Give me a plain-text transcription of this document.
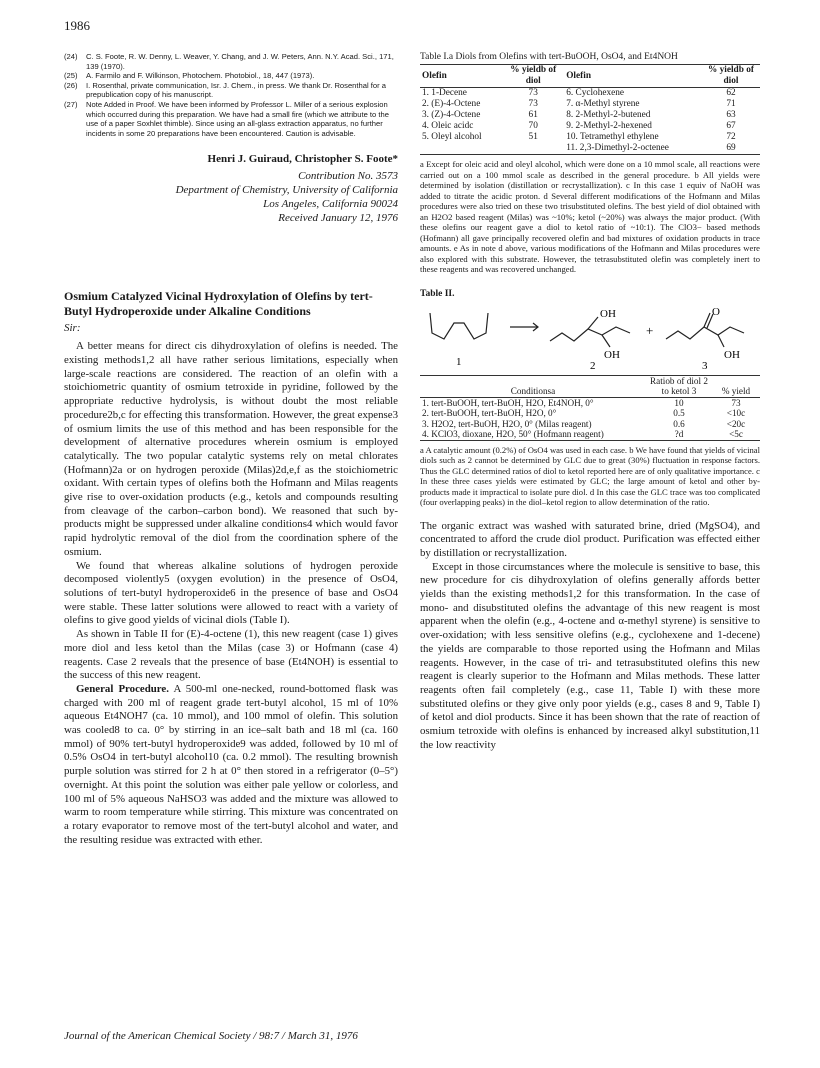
1986
(24)	C. S. Foote, R. W. Denny, L. Weaver, Y. Chang, and J. W. Peters, Ann. N.Y. Acad. Sci., 171, 139 (1970).
(25)	A. Farmilo and F. Wilkinson, Photochem. Photobiol., 18, 447 (1973).
(26)	I. Rosenthal, private communication, Isr. J. Chem., in press. We thank Dr. Rosenthal for a prepublication copy of his manuscript.
(27)	Note Added in Proof. We have been informed by Professor L. Miller of a serious explosion which occurred during this preparation. We have had a small fire (which we attribute to the use of a paper Soxhlet thimble). Since using an all-glass extraction apparatus, no further incidents in some 20 preparations have been encountered. Caution is advisable.
Henri J. Guiraud, Christopher S. Foote*
Contribution No. 3573
Department of Chemistry, University of California
Los Angeles, California 90024
Received January 12, 1976
Osmium Catalyzed Vicinal Hydroxylation of Olefins by tert-Butyl Hydroperoxide under Alkaline Conditions
Sir:

A better means for direct cis dihydroxylation of olefins is needed. The existing methods1,2 all have rather serious limitations, especially when large-scale reactions are considered. The reaction of an olefin with a stoichiometric quantity of osmium tetroxide in pyridine, followed by the appropriate reductive hydrolysis, is without doubt the most reliable procedure2b,c for effecting this transformation. However, the great expense3 of osmium limits the use of this method and has been responsible for the development of alternative procedures wherein osmium is employed catalytically. The two popular catalytic systems rely on metal chlorates (Hofmann)2a or on hydrogen peroxide (Milas)2d,e,f as the stoichiometric oxidant. With certain types of olefins both the Hofmann and Milas reagents give rise to over-oxidation products (e.g., ketols and compounds resulting from cleavage of the carbon–carbon bond). We reasoned that such by-products might be suppressed under alkaline conditions4 which would favor rapid hydrolytic removal of the diol from the coordination sphere of the osmium.

We found that whereas alkaline solutions of hydrogen peroxide decomposed violently5 (oxygen evolution) in the presence of OsO4, solutions of tert-butyl hydroperoxide6 in the presence of base and OsO4 were stable. These latter solutions were allowed to react with a variety of olefins to give good yields of vicinal diols (Table I).

As shown in Table II for (E)-4-octene (1), this new reagent (case 1) gives more diol and less ketol than the Milas (case 3) or Hofmann (case 4) reagents. Case 2 reveals that the presence of base (Et4NOH) is essential to the success of this new reagent.

General Procedure. A 500-ml one-necked, round-bottomed flask was charged with 200 ml of reagent grade tert-butyl alcohol, 15 ml of 10% aqueous Et4NOH7 (ca. 10 mmol), and 100 mmol of olefin. This solution was cooled8 to ca. 0° by stirring in an ice–salt bath and 18 ml (ca. 160 mmol) of 90% tert-butyl hydroperoxide9 was added, followed by 10 ml of 0.5% OsO4 in tert-butyl alcohol10 (ca. 0.2 mmol). The resulting brownish purple solution was stirred for 2 h at 0° then stored in a refrigerator (0–5°) overnight. At this point the solution was either pale yellow or colorless, and 100 ml of 5% aqueous NaHSO3 was added and the mixture was allowed to warm to room temperature while stirring. This mixture was concentrated on a rotary evaporator to remove most of the tert-butyl alcohol and water, and the resulting residue was extracted with ether.

Table I.a Diols from Olefins with tert-BuOOH, OsO4, and Et4NOH
Olefin	% yieldb of diol	Olefin	% yieldb of diol
1. 1-Decene	73	6. Cyclohexene	62
2. (E)-4-Octene	73	7. α-Methyl styrene	71
3. (Z)-4-Octene	61	8. 2-Methyl-2-butened	63
4. Oleic acidc	70	9. 2-Methyl-2-hexened	67
5. Oleyl alcohol	51	10. Tetramethyl ethylene	72
		11. 2,3-Dimethyl-2-octenee	69
a Except for oleic acid and oleyl alcohol, which were done on a 10 mmol scale, all reactions were carried out on a 100 mmol scale as described in the general procedure. b All yields were determined by isolation (distillation or recrystallization). c In this case 1 equiv of NaOH was added to titrate the acidic proton. d Several different modifications of the Hofmann and Milas procedures were also tried on these two trisubstituted olefins. The best yield of diol obtained with an H2O2 based reagent (Milas) was ~10%; ketol (~20%) was always the major product. (With these olefins our reagent gave a diol to ketol ratio of ~10:1). The ClO3− based methods (Hofmann) all gave principally recovered olefin and bad mixtures of oxidation products in trace amounts. e As in note d above, various modifications of the Hofmann and Milas procedures were also explored with this substrate. However, the tetrasubstituted olefin was completely inert to these reagents and was recovered unchanged.
Table II.
OH
OH
O
OH
+
1	2	3
Conditionsa	Ratiob of diol 2 to ketol 3	% yield
1. tert-BuOOH, tert-BuOH, H2O, Et4NOH, 0°	10	73
2. tert-BuOOH, tert-BuOH, H2O, 0°	0.5	<10c
3. H2O2, tert-BuOH, H2O, 0° (Milas reagent)	0.6	<20c
4. KClO3, dioxane, H2O, 50° (Hofmann reagent)	?d	<5c
a A catalytic amount (0.2%) of OsO4 was used in each case. b We have found that yields of vicinal diols such as 2 cannot be determined by GLC due to great (30%) fluctuation in response factors. Thus the GLC determined ratios of diol to ketol reported here are of only qualitative importance. c In these three cases yields were estimated by GLC; the large amount of ketol and other by-products made it impractical to isolate pure diol. d In this case the GLC trace was too complicated (four overlapping peaks) in the diol–ketol region to allow determination of the ratio.

The organic extract was washed with saturated brine, dried (MgSO4), and concentrated to afford the crude diol product. Purification was effected either by distillation or recrystallization.

Except in those circumstances where the molecule is sensitive to base, this new procedure for cis dihydroxylation of olefins generally affords better yields than the existing methods1,2 for this transformation. In the case of mono- and disubstituted olefins the advantage of this new reagent is most apparent when the olefin (e.g., 4-octene and α-methyl styrene) is sensitive to over-oxidation; with less sensitive olefins (e.g., cyclohexene and 1-decene) the yields are comparable to those reported using the Hofmann and Milas reagents. However, in the case of tri- and tetrasubstituted olefins this new reagent is clearly superior to the Hofmann and Milas methods. These latter reagents often fail completely (e.g., case 11, Table I) with these more substituted olefins or they give only poor yields (e.g., cases 8 and 9, Table I) of ketol and diol products. Since it has been shown that the rate of reaction of osmium tetroxide with olefins is enhanced by increased alkyl substitution,11 the low reactivity

Journal of the American Chemical Society / 98:7 / March 31, 1976
